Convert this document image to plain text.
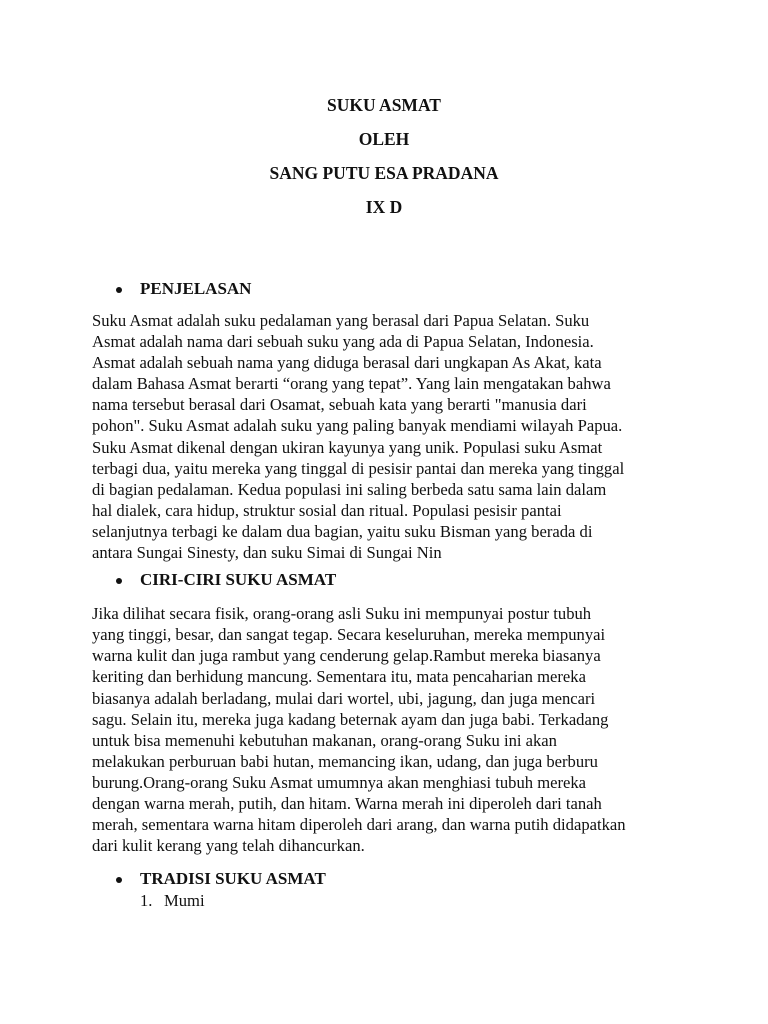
SUKU ASMAT
OLEH
SANG PUTU ESA PRADANA
IX D
PENJELASAN
Suku Asmat adalah suku pedalaman yang berasal dari Papua Selatan. Suku
Asmat adalah nama dari sebuah suku yang ada di Papua Selatan, Indonesia.
Asmat adalah sebuah nama yang diduga berasal dari ungkapan As Akat, kata
dalam Bahasa Asmat berarti “orang yang tepat”. Yang lain mengatakan bahwa
nama tersebut berasal dari Osamat, sebuah kata yang berarti "manusia dari
pohon". Suku Asmat adalah suku yang paling banyak mendiami wilayah Papua.
Suku Asmat dikenal dengan ukiran kayunya yang unik. Populasi suku Asmat
terbagi dua, yaitu mereka yang tinggal di pesisir pantai dan mereka yang tinggal
di bagian pedalaman. Kedua populasi ini saling berbeda satu sama lain dalam
hal dialek, cara hidup, struktur sosial dan ritual. Populasi pesisir pantai
selanjutnya terbagi ke dalam dua bagian, yaitu suku Bisman yang berada di
antara Sungai Sinesty, dan suku Simai di Sungai Nin
CIRI-CIRI SUKU ASMAT
Jika dilihat secara fisik, orang-orang asli Suku ini mempunyai postur tubuh
yang tinggi, besar, dan sangat tegap. Secara keseluruhan, mereka mempunyai
warna kulit dan juga rambut yang cenderung gelap.Rambut mereka biasanya
keriting dan berhidung mancung. Sementara itu, mata pencaharian mereka
biasanya adalah berladang, mulai dari wortel, ubi, jagung, dan juga mencari
sagu. Selain itu, mereka juga kadang beternak ayam dan juga babi. Terkadang
untuk bisa memenuhi kebutuhan makanan, orang-orang Suku ini akan
melakukan perburuan babi hutan, memancing ikan, udang, dan juga berburu
burung.Orang-orang Suku Asmat umumnya akan menghiasi tubuh mereka
dengan warna merah, putih, dan hitam. Warna merah ini diperoleh dari tanah
merah, sementara warna hitam diperoleh dari arang, dan warna putih didapatkan
dari kulit kerang yang telah dihancurkan.
TRADISI SUKU ASMAT
1. Mumi
